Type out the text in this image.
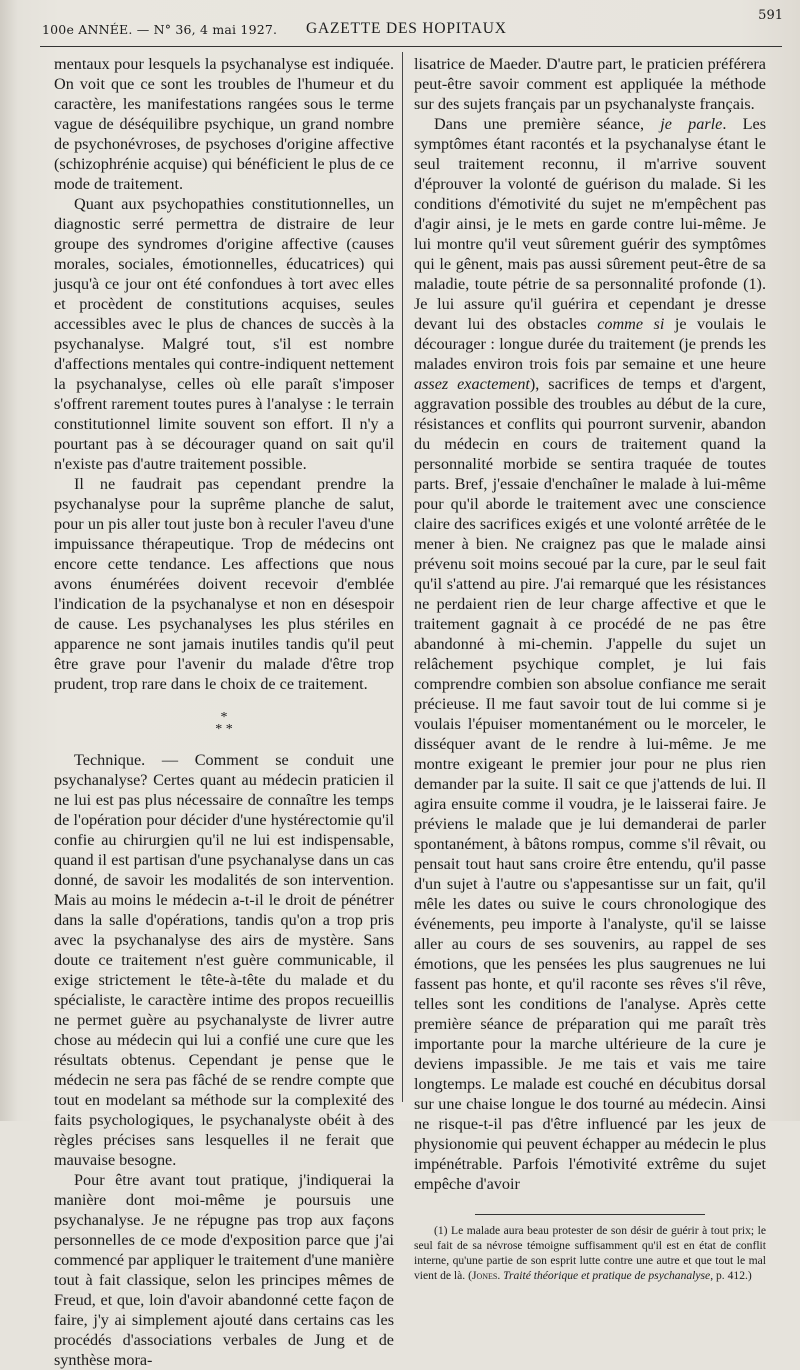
100e ANNÉE. — N° 36, 4 mai 1927. GAZETTE DES HOPITAUX
591

mentaux pour lesquels la psychanalyse est indiquée. On voit que ce sont les troubles de l'humeur et du caractère, les manifestations rangées sous le terme vague de déséquilibre psychique, un grand nombre de psychonévroses, de psychoses d'origine affective (schizophrénie acquise) qui bénéficient le plus de ce mode de traitement.

Quant aux psychopathies constitutionnelles, un diagnostic serré permettra de distraire de leur groupe des syndromes d'origine affective (causes morales, sociales, émotionnelles, éducatrices) qui jusqu'à ce jour ont été confondues à tort avec elles et procèdent de constitutions acquises, seules accessibles avec le plus de chances de succès à la psychanalyse. Malgré tout, s'il est nombre d'affections mentales qui contre-indiquent nettement la psychanalyse, celles où elle paraît s'imposer s'offrent rarement toutes pures à l'analyse : le terrain constitutionnel limite souvent son effort. Il n'y a pourtant pas à se décourager quand on sait qu'il n'existe pas d'autre traitement possible.

Il ne faudrait pas cependant prendre la psychanalyse pour la suprême planche de salut, pour un pis aller tout juste bon à reculer l'aveu d'une impuissance thérapeutique. Trop de médecins ont encore cette tendance. Les affections que nous avons énumérées doivent recevoir d'emblée l'indication de la psychanalyse et non en désespoir de cause. Les psychanalyses les plus stériles en apparence ne sont jamais inutiles tandis qu'il peut être grave pour l'avenir du malade d'être trop prudent, trop rare dans le choix de ce traitement.

*
* *

Technique. — Comment se conduit une psychanalyse? Certes quant au médecin praticien il ne lui est pas plus nécessaire de connaître les temps de l'opération pour décider d'une hystérectomie qu'il confie au chirurgien qu'il ne lui est indispensable, quand il est partisan d'une psychanalyse dans un cas donné, de savoir les modalités de son intervention. Mais au moins le médecin a-t-il le droit de pénétrer dans la salle d'opérations, tandis qu'on a trop pris avec la psychanalyse des airs de mystère. Sans doute ce traitement n'est guère communicable, il exige strictement le tête-à-tête du malade et du spécialiste, le caractère intime des propos recueillis ne permet guère au psychanalyste de livrer autre chose au médecin qui lui a confié une cure que les résultats obtenus. Cependant je pense que le médecin ne sera pas fâché de se rendre compte que tout en modelant sa méthode sur la complexité des faits psychologiques, le psychanalyste obéit à des règles précises sans lesquelles il ne ferait que mauvaise besogne.

Pour être avant tout pratique, j'indiquerai la manière dont moi-même je poursuis une psychanalyse. Je ne répugne pas trop aux façons personnelles de ce mode d'exposition parce que j'ai commencé par appliquer le traitement d'une manière tout à fait classique, selon les principes mêmes de Freud, et que, loin d'avoir abandonné cette façon de faire, j'y ai simplement ajouté dans certains cas les procédés d'associations verbales de Jung et de synthèse mora-

lisatrice de Maeder. D'autre part, le praticien préférera peut-être savoir comment est appliquée la méthode sur des sujets français par un psychanalyste français.

Dans une première séance, je parle. Les symptômes étant racontés et la psychanalyse étant le seul traitement reconnu, il m'arrive souvent d'éprouver la volonté de guérison du malade. Si les conditions d'émotivité du sujet ne m'empêchent pas d'agir ainsi, je le mets en garde contre lui-même. Je lui montre qu'il veut sûrement guérir des symptômes qui le gênent, mais pas aussi sûrement peut-être de sa maladie, toute pétrie de sa personnalité profonde (1). Je lui assure qu'il guérira et cependant je dresse devant lui des obstacles comme si je voulais le décourager : longue durée du traitement (je prends les malades environ trois fois par semaine et une heure assez exactement), sacrifices de temps et d'argent, aggravation possible des troubles au début de la cure, résistances et conflits qui pourront survenir, abandon du médecin en cours de traitement quand la personnalité morbide se sentira traquée de toutes parts. Bref, j'essaie d'enchaîner le malade à lui-même pour qu'il aborde le traitement avec une conscience claire des sacrifices exigés et une volonté arrêtée de le mener à bien. Ne craignez pas que le malade ainsi prévenu soit moins secoué par la cure, par le seul fait qu'il s'attend au pire. J'ai remarqué que les résistances ne perdaient rien de leur charge affective et que le traitement gagnait à ce procédé de ne pas être abandonné à mi-chemin. J'appelle du sujet un relâchement psychique complet, je lui fais comprendre combien son absolue confiance me serait précieuse. Il me faut savoir tout de lui comme si je voulais l'épuiser momentanément ou le morceler, le disséquer avant de le rendre à lui-même. Je me montre exigeant le premier jour pour ne plus rien demander par la suite. Il sait ce que j'attends de lui. Il agira ensuite comme il voudra, je le laisserai faire. Je préviens le malade que je lui demanderai de parler spontanément, à bâtons rompus, comme s'il rêvait, ou pensait tout haut sans croire être entendu, qu'il passe d'un sujet à l'autre ou s'appesantisse sur un fait, qu'il mêle les dates ou suive le cours chronologique des événements, peu importe à l'analyste, qu'il se laisse aller au cours de ses souvenirs, au rappel de ses émotions, que les pensées les plus saugrenues ne lui fassent pas honte, et qu'il raconte ses rêves s'il rêve, telles sont les conditions de l'analyse. Après cette première séance de préparation qui me paraît très importante pour la marche ultérieure de la cure je deviens impassible. Je me tais et vais me taire longtemps. Le malade est couché en décubitus dorsal sur une chaise longue le dos tourné au médecin. Ainsi ne risque-t-il pas d'être influencé par les jeux de physionomie qui peuvent échapper au médecin le plus impénétrable. Parfois l'émotivité extrême du sujet empêche d'avoir

(1) Le malade aura beau protester de son désir de guérir à tout prix; le seul fait de sa névrose témoigne suffisamment qu'il est en état de conflit interne, qu'une partie de son esprit lutte contre une autre et que tout le mal vient de là. (Jones. Traité théorique et pratique de psychanalyse, p. 412.)
